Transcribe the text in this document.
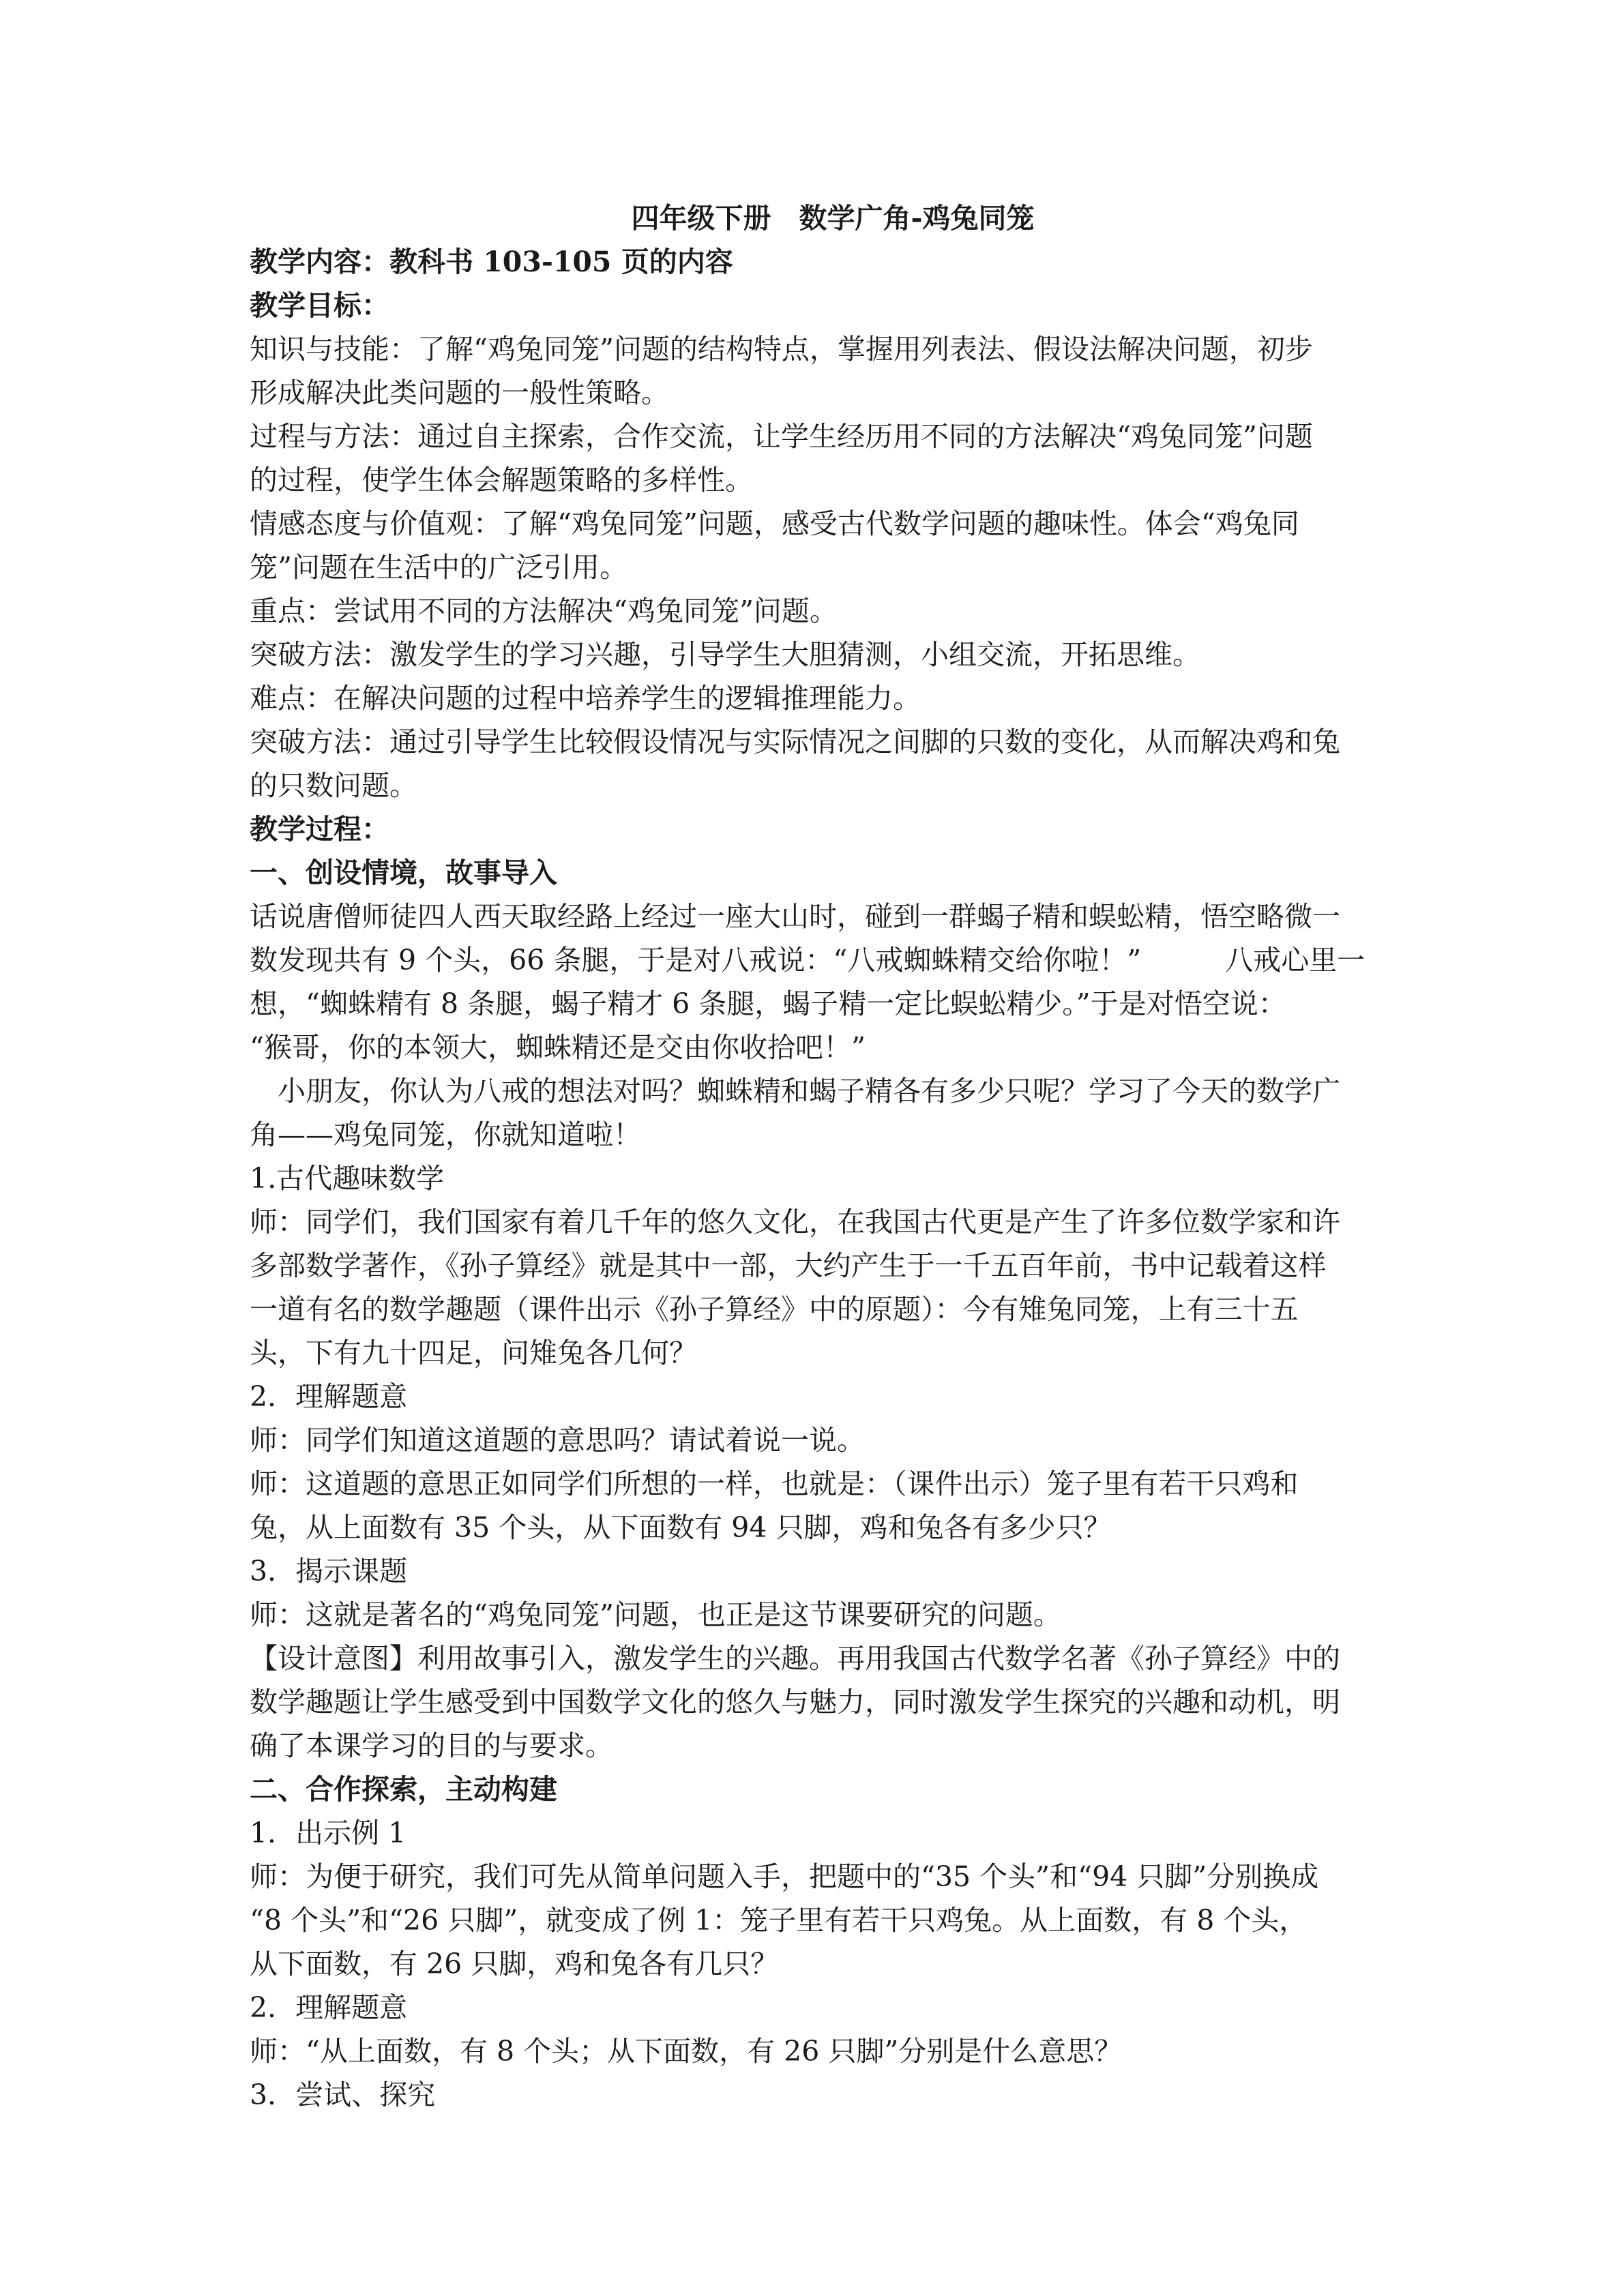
四年级下册　数学广角-鸡兔同笼
教学内容：教科书 103-105 页的内容
教学目标：
知识与技能：了解“鸡兔同笼”问题的结构特点，掌握用列表法、假设法解决问题，初步
形成解决此类问题的一般性策略。
过程与方法：通过自主探索，合作交流，让学生经历用不同的方法解决“鸡兔同笼”问题
的过程，使学生体会解题策略的多样性。
情感态度与价值观：了解“鸡兔同笼”问题，感受古代数学问题的趣味性。体会“鸡兔同
笼”问题在生活中的广泛引用。
重点：尝试用不同的方法解决“鸡兔同笼”问题。
突破方法：激发学生的学习兴趣，引导学生大胆猜测，小组交流，开拓思维。
难点：在解决问题的过程中培养学生的逻辑推理能力。
突破方法：通过引导学生比较假设情况与实际情况之间脚的只数的变化，从而解决鸡和兔
的只数问题。
教学过程：
一、创设情境，故事导入
话说唐僧师徒四人西天取经路上经过一座大山时，碰到一群蝎子精和蜈蚣精，悟空略微一
数发现共有 9 个头，66 条腿，于是对八戒说：“八戒蜘蛛精交给你啦！”　　　八戒心里一
想，“蜘蛛精有 8 条腿，蝎子精才 6 条腿，蝎子精一定比蜈蚣精少。”于是对悟空说：
“猴哥，你的本领大，蜘蛛精还是交由你收拾吧！”
　小朋友，你认为八戒的想法对吗？蜘蛛精和蝎子精各有多少只呢？学习了今天的数学广
角——鸡兔同笼，你就知道啦！
1.古代趣味数学
师：同学们，我们国家有着几千年的悠久文化，在我国古代更是产生了许多位数学家和许
多部数学著作，《孙子算经》就是其中一部，大约产生于一千五百年前，书中记载着这样
一道有名的数学趣题（课件出示《孙子算经》中的原题）：今有雉兔同笼，上有三十五
头，下有九十四足，问雉兔各几何？
2．理解题意
师：同学们知道这道题的意思吗？请试着说一说。
师：这道题的意思正如同学们所想的一样，也就是：（课件出示）笼子里有若干只鸡和
兔，从上面数有 35 个头，从下面数有 94 只脚，鸡和兔各有多少只？
3．揭示课题
师：这就是著名的“鸡兔同笼”问题，也正是这节课要研究的问题。
【设计意图】利用故事引入，激发学生的兴趣。再用我国古代数学名著《孙子算经》中的
数学趣题让学生感受到中国数学文化的悠久与魅力，同时激发学生探究的兴趣和动机，明
确了本课学习的目的与要求。
二、合作探索，主动构建
1．出示例 1
师：为便于研究，我们可先从简单问题入手，把题中的“35 个头”和“94 只脚”分别换成
“8 个头”和“26 只脚”，就变成了例 1：笼子里有若干只鸡兔。从上面数，有 8 个头，
从下面数，有 26 只脚，鸡和兔各有几只？
2．理解题意
师：“从上面数，有 8 个头；从下面数，有 26 只脚”分别是什么意思？
3．尝试、探究
